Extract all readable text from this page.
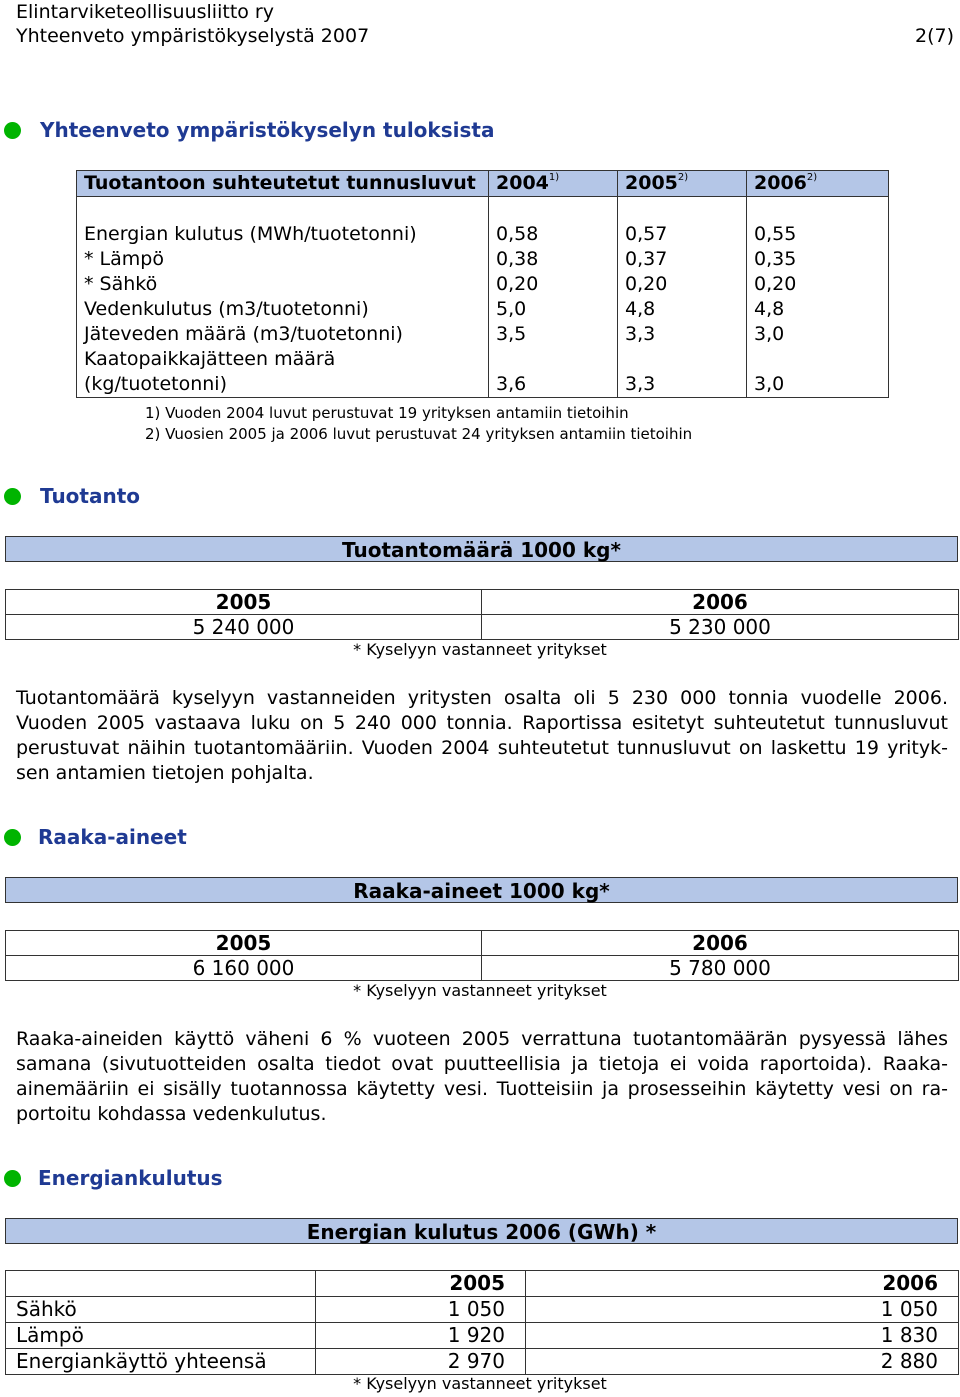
Elintarviketeollisuusliitto ry
Yhteenveto ympäristökyselystä 2007	2(7)
Yhteenveto ympäristökyselyn tuloksista
Tuotantoon suhteutetut tunnusluvut	2004$^{1)}$	2005$^{2)}$	2006$^{2)}$

Energian kulutus (MWh/tuotetonni)	0,58	0,57	0,55
* Lämpö	0,38	0,37	0,35
* Sähkö	0,20	0,20	0,20
Vedenkulutus (m3/tuotetonni)	5,0	4,8	4,8
Jäteveden määrä (m3/tuotetonni)	3,5	3,3	3,0
Kaatopaikkajätteen määrä			
(kg/tuotetonni)	3,6	3,3	3,0
1) Vuoden 2004 luvut perustuvat 19 yrityksen antamiin tietoihin
2) Vuosien 2005 ja 2006 luvut perustuvat 24 yrityksen antamiin tietoihin
Tuotanto
Tuotantomäärä 1000 kg*
2005	2006
5 240 000	5 230 000
* Kyselyyn vastanneet yritykset
Tuotantomäärä kyselyyn vastanneiden yritysten osalta oli 5 230 000 tonnia vuodelle 2006. Vuoden 2005 vastaava luku on 5 240 000 tonnia. Raportissa esitetyt suhteutetut tunnusluvut perustuvat näihin tuotantomääriin. Vuoden 2004 suhteutetut tunnusluvut on laskettu 19 yrityk-sen antamien tietojen pohjalta.
Raaka-aineet
Raaka-aineet 1000 kg*
2005	2006
6 160 000	5 780 000
* Kyselyyn vastanneet yritykset
Raaka-aineiden käyttö väheni 6 % vuoteen 2005 verrattuna tuotantomäärän pysyessä lähes samana (sivutuotteiden osalta tiedot ovat puutteellisia ja tietoja ei voida raportoida). Raaka-ainemääriin ei sisälly tuotannossa käytetty vesi. Tuotteisiin ja prosesseihin käytetty vesi on ra-portoitu kohdassa vedenkulutus.
Energiankulutus
Energian kulutus 2006 (GWh) *
	2005	2006
Sähkö	1 050	1 050
Lämpö	1 920	1 830
Energiankäyttö yhteensä	2 970	2 880
* Kyselyyn vastanneet yritykset
